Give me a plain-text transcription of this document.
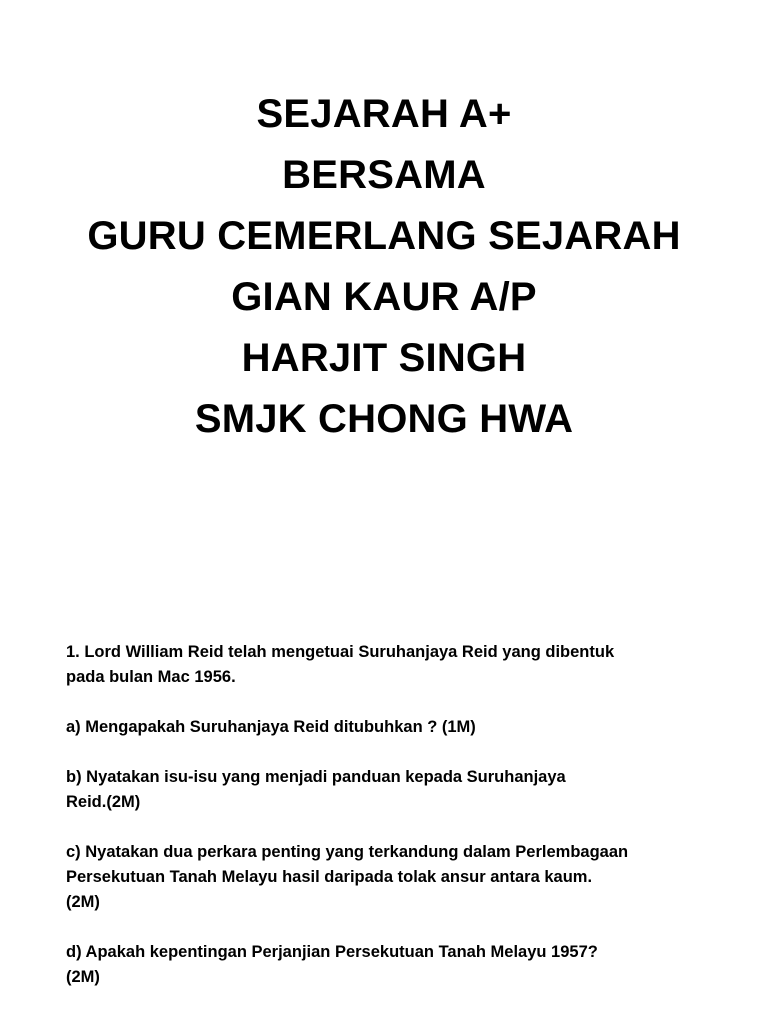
SEJARAH A+
BERSAMA
GURU CEMERLANG SEJARAH
GIAN KAUR A/P
HARJIT SINGH
SMJK CHONG HWA
1. Lord William Reid telah mengetuai Suruhanjaya Reid yang dibentuk
pada bulan Mac 1956.
a) Mengapakah Suruhanjaya Reid ditubuhkan ? (1M)
b) Nyatakan isu-isu yang menjadi panduan kepada Suruhanjaya
Reid.(2M)
c) Nyatakan dua perkara penting yang terkandung dalam Perlembagaan
Persekutuan Tanah Melayu hasil daripada tolak ansur antara kaum.
(2M)
d) Apakah kepentingan Perjanjian Persekutuan Tanah Melayu 1957?
(2M)
